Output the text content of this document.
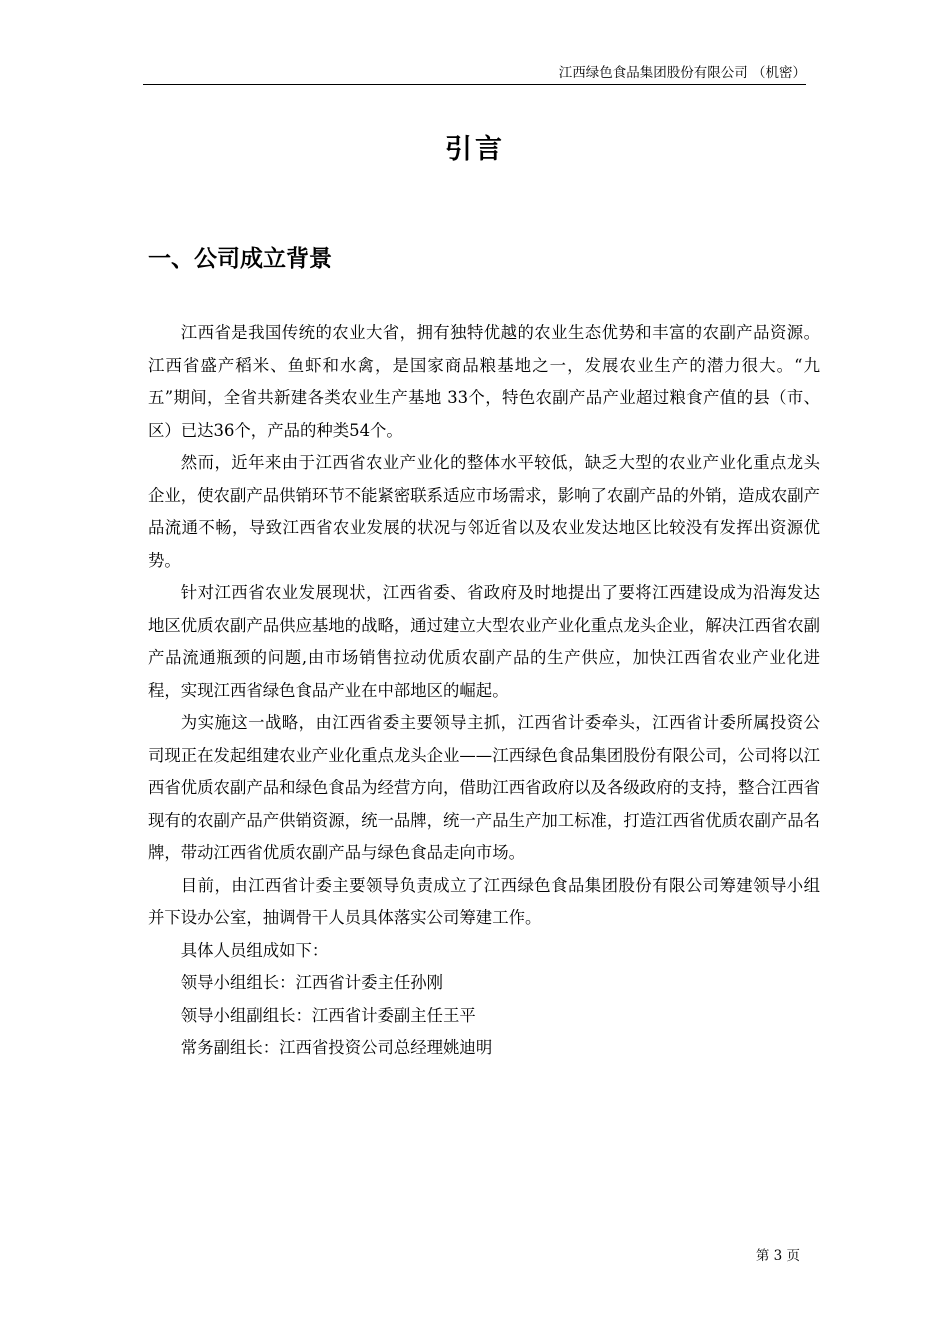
江西绿色食品集团股份有限公司 （机密）
引言
一、公司成立背景

江西省是我国传统的农业大省，拥有独特优越的农业生态优势和丰富的农副产品资源。江西省盛产稻米、鱼虾和水禽，是国家商品粮基地之一，发展农业生产的潜力很大。“九五”期间，全省共新建各类农业生产基地 33个，特色农副产品产业超过粮食产值的县（市、区）已达36个，产品的种类54个。

然而，近年来由于江西省农业产业化的整体水平较低，缺乏大型的农业产业化重点龙头企业，使农副产品供销环节不能紧密联系适应市场需求，影响了农副产品的外销，造成农副产品流通不畅，导致江西省农业发展的状况与邻近省以及农业发达地区比较没有发挥出资源优势。

针对江西省农业发展现状，江西省委、省政府及时地提出了要将江西建设成为沿海发达地区优质农副产品供应基地的战略，通过建立大型农业产业化重点龙头企业，解决江西省农副产品流通瓶颈的问题,由市场销售拉动优质农副产品的生产供应，加快江西省农业产业化进程，实现江西省绿色食品产业在中部地区的崛起。

为实施这一战略，由江西省委主要领导主抓，江西省计委牵头，江西省计委所属投资公司现正在发起组建农业产业化重点龙头企业——江西绿色食品集团股份有限公司，公司将以江西省优质农副产品和绿色食品为经营方向，借助江西省政府以及各级政府的支持，整合江西省现有的农副产品产供销资源，统一品牌，统一产品生产加工标准，打造江西省优质农副产品名牌，带动江西省优质农副产品与绿色食品走向市场。

目前，由江西省计委主要领导负责成立了江西绿色食品集团股份有限公司筹建领导小组并下设办公室，抽调骨干人员具体落实公司筹建工作。

具体人员组成如下：

领导小组组长：江西省计委主任孙刚

领导小组副组长：江西省计委副主任王平

常务副组长：江西省投资公司总经理姚迪明

第 3 页
